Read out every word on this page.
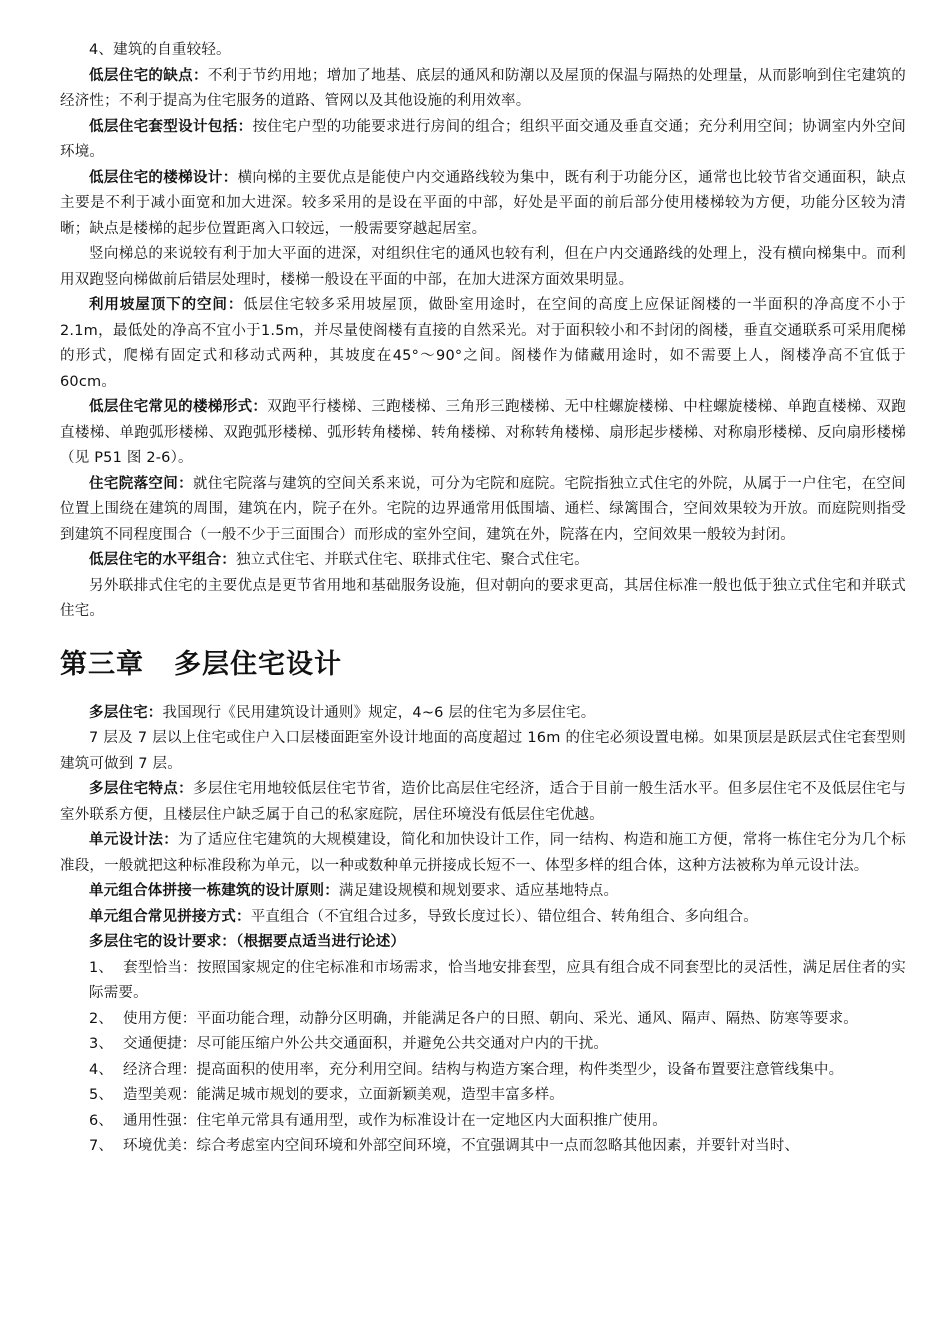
4、建筑的自重较轻。

低层住宅的缺点：不利于节约用地；增加了地基、底层的通风和防潮以及屋顶的保温与隔热的处理量，从而影响到住宅建筑的经济性；不利于提高为住宅服务的道路、管网以及其他设施的利用效率。

低层住宅套型设计包括：按住宅户型的功能要求进行房间的组合；组织平面交通及垂直交通；充分利用空间；协调室内外空间环境。

低层住宅的楼梯设计：横向梯的主要优点是能使户内交通路线较为集中，既有利于功能分区，通常也比较节省交通面积，缺点主要是不利于减小面宽和加大进深。较多采用的是设在平面的中部，好处是平面的前后部分使用楼梯较为方便，功能分区较为清晰；缺点是楼梯的起步位置距离入口较远，一般需要穿越起居室。

竖向梯总的来说较有利于加大平面的进深，对组织住宅的通风也较有利，但在户内交通路线的处理上，没有横向梯集中。而利用双跑竖向梯做前后错层处理时，楼梯一般设在平面的中部，在加大进深方面效果明显。

利用坡屋顶下的空间：低层住宅较多采用坡屋顶，做卧室用途时，在空间的高度上应保证阁楼的一半面积的净高度不小于 2.1m，最低处的净高不宜小于1.5m，并尽量使阁楼有直接的自然采光。对于面积较小和不封闭的阁楼，垂直交通联系可采用爬梯的形式，爬梯有固定式和移动式两种，其坡度在45°～90°之间。阁楼作为储藏用途时，如不需要上人，阁楼净高不宜低于 60cm。

低层住宅常见的楼梯形式：双跑平行楼梯、三跑楼梯、三角形三跑楼梯、无中柱螺旋楼梯、中柱螺旋楼梯、单跑直楼梯、双跑直楼梯、单跑弧形楼梯、双跑弧形楼梯、弧形转角楼梯、转角楼梯、对称转角楼梯、扇形起步楼梯、对称扇形楼梯、反向扇形楼梯（见 P51 图 2-6）。

住宅院落空间：就住宅院落与建筑的空间关系来说，可分为宅院和庭院。宅院指独立式住宅的外院，从属于一户住宅，在空间位置上围绕在建筑的周围，建筑在内，院子在外。宅院的边界通常用低围墙、通栏、绿篱围合，空间效果较为开放。而庭院则指受到建筑不同程度围合（一般不少于三面围合）而形成的室外空间，建筑在外，院落在内，空间效果一般较为封闭。

低层住宅的水平组合：独立式住宅、并联式住宅、联排式住宅、聚合式住宅。

另外联排式住宅的主要优点是更节省用地和基础服务设施，但对朝向的要求更高，其居住标准一般也低于独立式住宅和并联式住宅。

第三章 多层住宅设计

多层住宅：我国现行《民用建筑设计通则》规定，4~6 层的住宅为多层住宅。

7 层及 7 层以上住宅或住户入口层楼面距室外设计地面的高度超过 16m 的住宅必须设置电梯。如果顶层是跃层式住宅套型则建筑可做到 7 层。

多层住宅特点：多层住宅用地较低层住宅节省，造价比高层住宅经济，适合于目前一般生活水平。但多层住宅不及低层住宅与室外联系方便，且楼层住户缺乏属于自己的私家庭院，居住环境没有低层住宅优越。

单元设计法：为了适应住宅建筑的大规模建设，简化和加快设计工作，同一结构、构造和施工方便，常将一栋住宅分为几个标准段，一般就把这种标准段称为单元，以一种或数种单元拼接成长短不一、体型多样的组合体，这种方法被称为单元设计法。

单元组合体拼接一栋建筑的设计原则：满足建设规模和规划要求、适应基地特点。

单元组合常见拼接方式：平直组合（不宜组合过多，导致长度过长）、错位组合、转角组合、多向组合。

多层住宅的设计要求：（根据要点适当进行论述）

1、 套型恰当：按照国家规定的住宅标准和市场需求，恰当地安排套型，应具有组合成不同套型比的灵活性，满足居住者的实际需要。
2、 使用方便：平面功能合理，动静分区明确，并能满足各户的日照、朝向、采光、通风、隔声、隔热、防寒等要求。
3、 交通便捷：尽可能压缩户外公共交通面积，并避免公共交通对户内的干扰。
4、 经济合理：提高面积的使用率，充分利用空间。结构与构造方案合理，构件类型少，设备布置要注意管线集中。
5、 造型美观：能满足城市规划的要求，立面新颖美观，造型丰富多样。
6、 通用性强：住宅单元常具有通用型，或作为标准设计在一定地区内大面积推广使用。
7、 环境优美：综合考虑室内空间环境和外部空间环境，不宜强调其中一点而忽略其他因素，并要针对当时、
